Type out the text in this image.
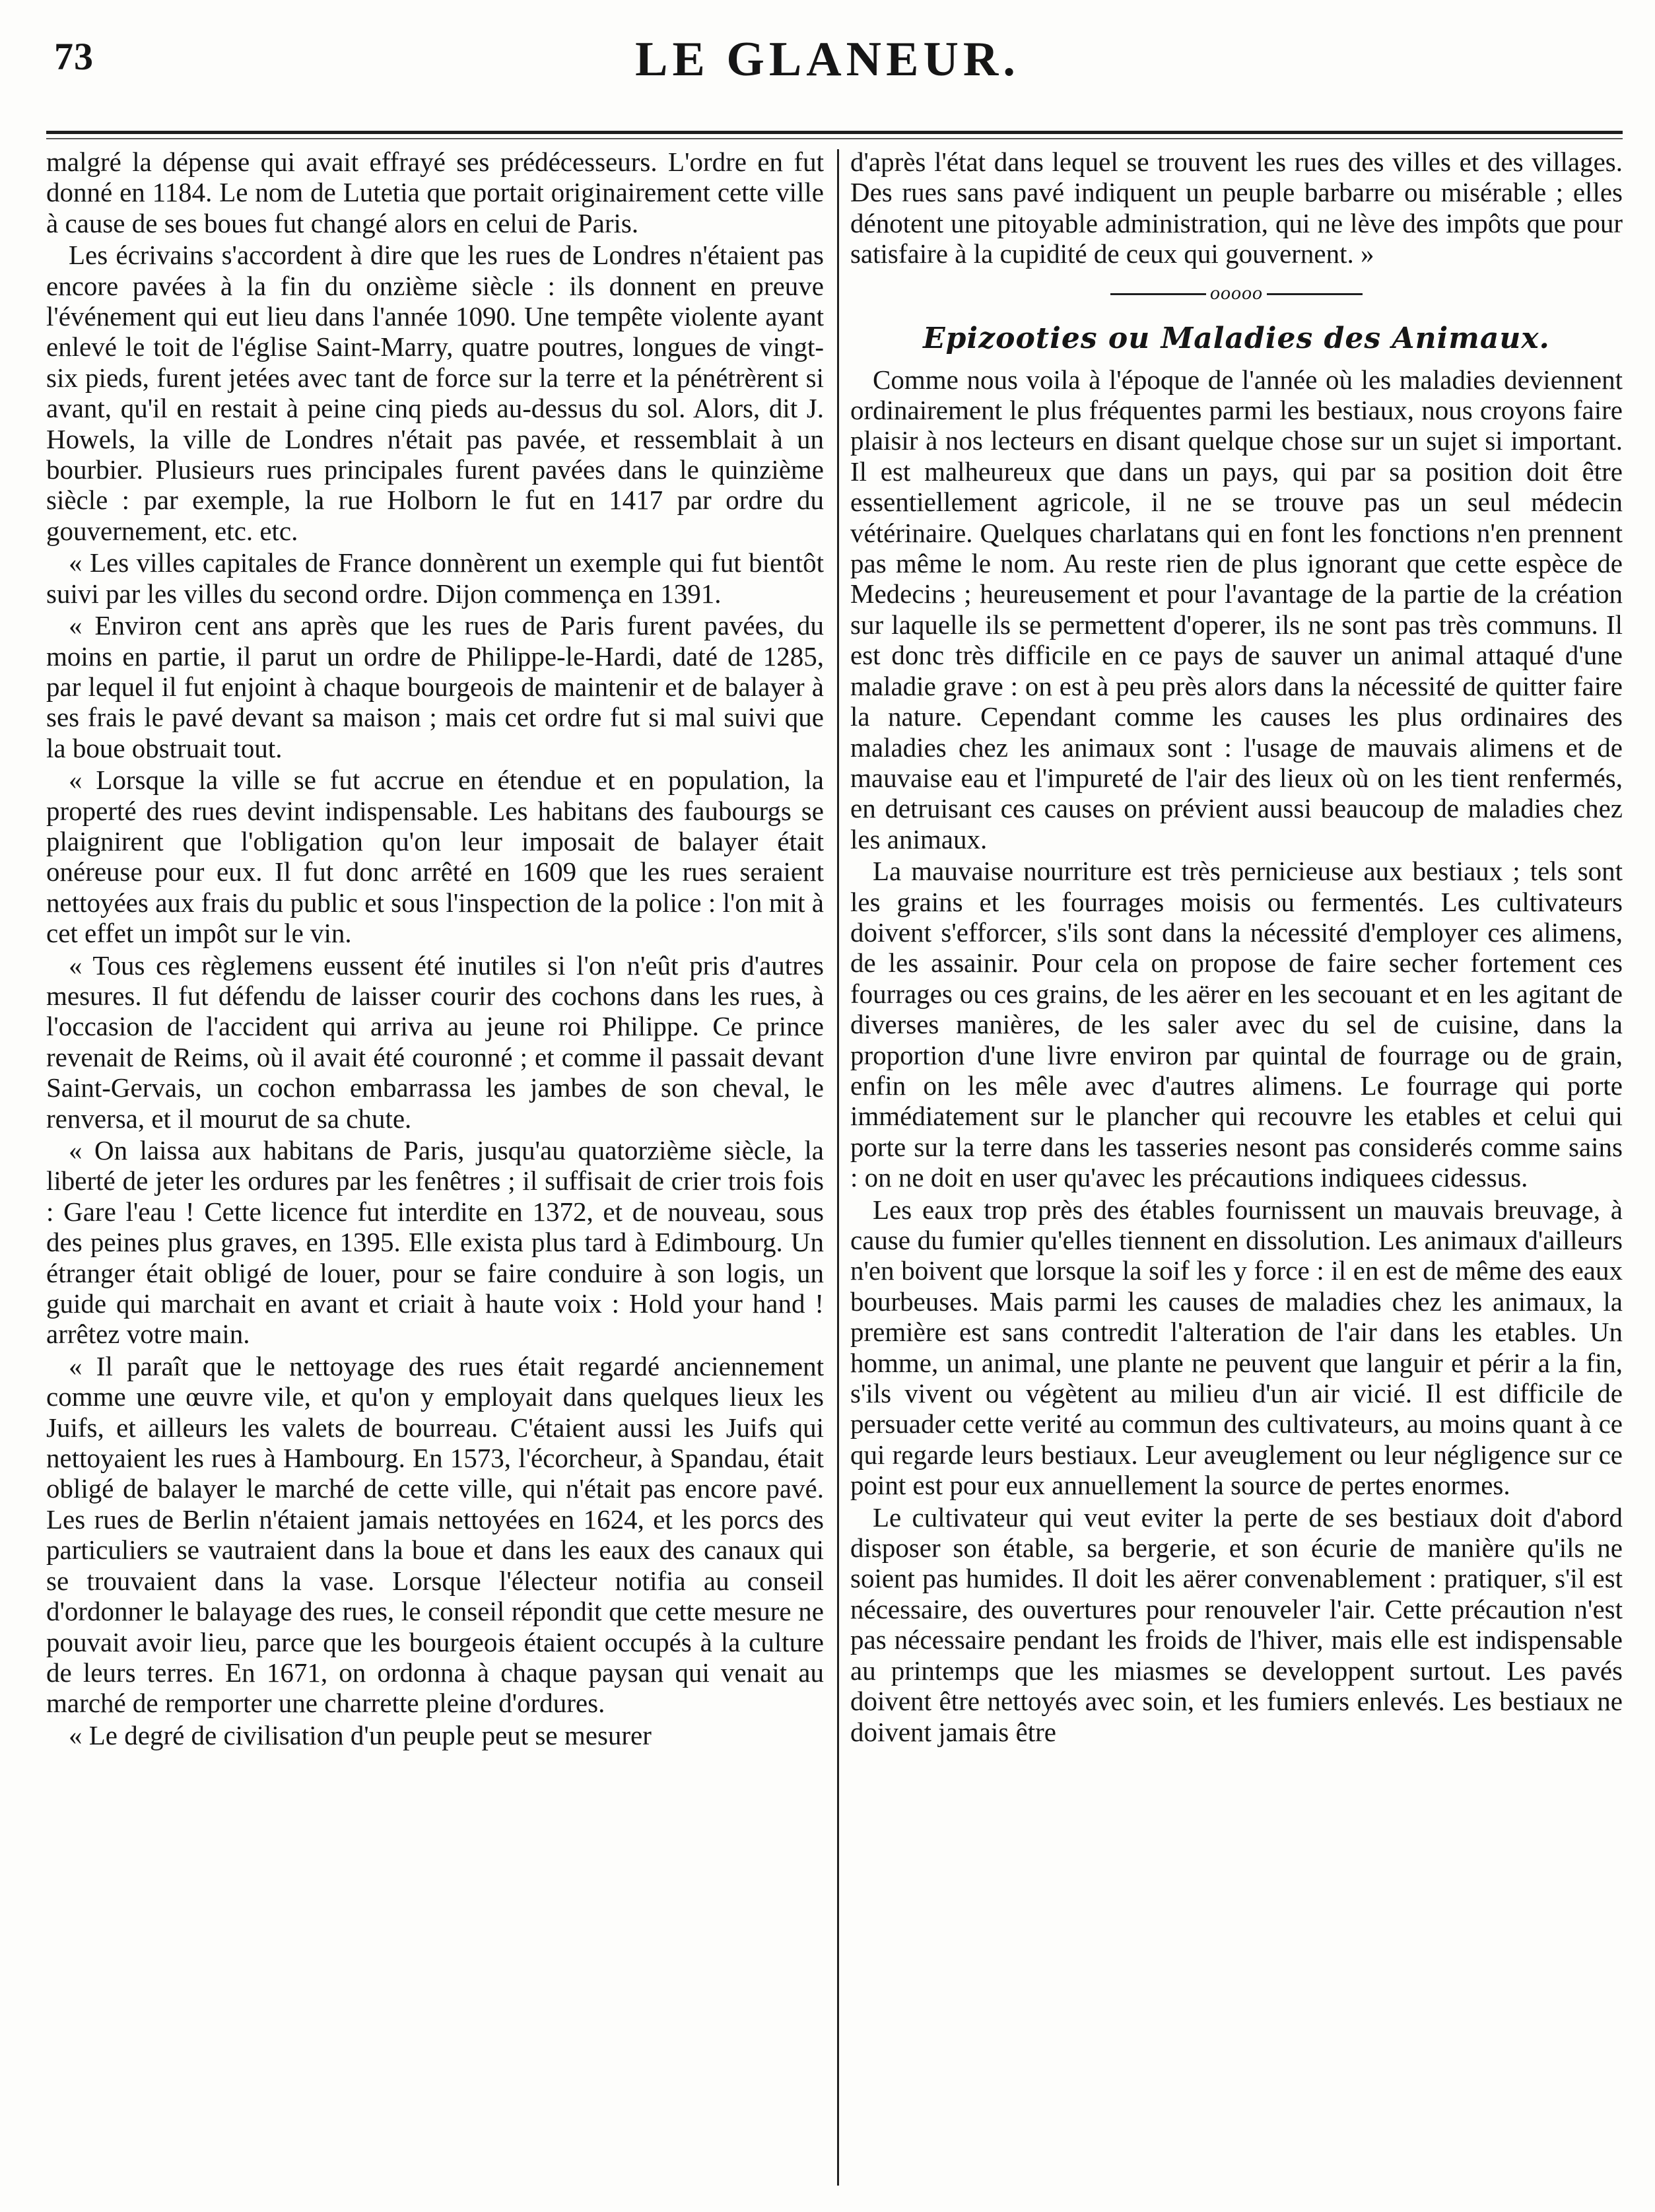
73	LE GLANEUR.

malgré la dépense qui avait effrayé ses prédécesseurs. L'ordre en fut donné en 1184. Le nom de Lutetia que portait originairement cette ville à cause de ses boues fut changé alors en celui de Paris.

Les écrivains s'accordent à dire que les rues de Londres n'étaient pas encore pavées à la fin du onzième siècle : ils donnent en preuve l'événement qui eut lieu dans l'année 1090. Une tempête violente ayant enlevé le toit de l'église Saint-Marry, quatre poutres, longues de vingt-six pieds, furent jetées avec tant de force sur la terre et la pénétrèrent si avant, qu'il en restait à peine cinq pieds au-dessus du sol. Alors, dit J. Howels, la ville de Londres n'était pas pavée, et ressemblait à un bourbier. Plusieurs rues principales furent pavées dans le quinzième siècle : par exemple, la rue Holborn le fut en 1417 par ordre du gouvernement, etc. etc.

« Les villes capitales de France donnèrent un exemple qui fut bientôt suivi par les villes du second ordre. Dijon commença en 1391.

« Environ cent ans après que les rues de Paris furent pavées, du moins en partie, il parut un ordre de Philippe-le-Hardi, daté de 1285, par lequel il fut enjoint à chaque bourgeois de maintenir et de balayer à ses frais le pavé devant sa maison ; mais cet ordre fut si mal suivi que la boue obstruait tout.

« Lorsque la ville se fut accrue en étendue et en population, la properté des rues devint indispensable. Les habitans des faubourgs se plaignirent que l'obligation qu'on leur imposait de balayer était onéreuse pour eux. Il fut donc arrêté en 1609 que les rues seraient nettoyées aux frais du public et sous l'inspection de la police : l'on mit à cet effet un impôt sur le vin.

« Tous ces règlemens eussent été inutiles si l'on n'eût pris d'autres mesures. Il fut défendu de laisser courir des cochons dans les rues, à l'occasion de l'accident qui arriva au jeune roi Philippe. Ce prince revenait de Reims, où il avait été couronné ; et comme il passait devant Saint-Gervais, un cochon embarrassa les jambes de son cheval, le renversa, et il mourut de sa chute.

« On laissa aux habitans de Paris, jusqu'au quatorzième siècle, la liberté de jeter les ordures par les fenêtres ; il suffisait de crier trois fois : Gare l'eau ! Cette licence fut interdite en 1372, et de nouveau, sous des peines plus graves, en 1395. Elle exista plus tard à Edimbourg. Un étranger était obligé de louer, pour se faire conduire à son logis, un guide qui marchait en avant et criait à haute voix : Hold your hand ! arrêtez votre main.

« Il paraît que le nettoyage des rues était regardé anciennement comme une œuvre vile, et qu'on y employait dans quelques lieux les Juifs, et ailleurs les valets de bourreau. C'étaient aussi les Juifs qui nettoyaient les rues à Hambourg. En 1573, l'écorcheur, à Spandau, était obligé de balayer le marché de cette ville, qui n'était pas encore pavé. Les rues de Berlin n'étaient jamais nettoyées en 1624, et les porcs des particuliers se vautraient dans la boue et dans les eaux des canaux qui se trouvaient dans la vase. Lorsque l'électeur notifia au conseil d'ordonner le balayage des rues, le conseil répondit que cette mesure ne pouvait avoir lieu, parce que les bourgeois étaient occupés à la culture de leurs terres. En 1671, on ordonna à chaque paysan qui venait au marché de remporter une charrette pleine d'ordures.

« Le degré de civilisation d'un peuple peut se mesurer

d'après l'état dans lequel se trouvent les rues des villes et des villages. Des rues sans pavé indiquent un peuple barbarre ou misérable ; elles dénotent une pitoyable administration, qui ne lève des impôts que pour satisfaire à la cupidité de ceux qui gouvernent. »

ooooo
Epizooties ou Maladies des Animaux.

Comme nous voila à l'époque de l'année où les maladies deviennent ordinairement le plus fréquentes parmi les bestiaux, nous croyons faire plaisir à nos lecteurs en disant quelque chose sur un sujet si important. Il est malheureux que dans un pays, qui par sa position doit être essentiellement agricole, il ne se trouve pas un seul médecin vétérinaire. Quelques charlatans qui en font les fonctions n'en prennent pas même le nom. Au reste rien de plus ignorant que cette espèce de Medecins ; heureusement et pour l'avantage de la partie de la création sur laquelle ils se permettent d'operer, ils ne sont pas très communs. Il est donc très difficile en ce pays de sauver un animal attaqué d'une maladie grave : on est à peu près alors dans la nécessité de quitter faire la nature. Cependant comme les causes les plus ordinaires des maladies chez les animaux sont : l'usage de mauvais alimens et de mauvaise eau et l'impureté de l'air des lieux où on les tient renfermés, en detruisant ces causes on prévient aussi beaucoup de maladies chez les animaux.

La mauvaise nourriture est très pernicieuse aux bestiaux ; tels sont les grains et les fourrages moisis ou fermentés. Les cultivateurs doivent s'efforcer, s'ils sont dans la nécessité d'employer ces alimens, de les assainir. Pour cela on propose de faire secher fortement ces fourrages ou ces grains, de les aërer en les secouant et en les agitant de diverses manières, de les saler avec du sel de cuisine, dans la proportion d'une livre environ par quintal de fourrage ou de grain, enfin on les mêle avec d'autres alimens. Le fourrage qui porte immédiatement sur le plancher qui recouvre les etables et celui qui porte sur la terre dans les tasseries nesont pas considerés comme sains : on ne doit en user qu'avec les précautions indiquees cidessus.

Les eaux trop près des étables fournissent un mauvais breuvage, à cause du fumier qu'elles tiennent en dissolution. Les animaux d'ailleurs n'en boivent que lorsque la soif les y force : il en est de même des eaux bourbeuses. Mais parmi les causes de maladies chez les animaux, la première est sans contredit l'alteration de l'air dans les etables. Un homme, un animal, une plante ne peuvent que languir et périr a la fin, s'ils vivent ou végètent au milieu d'un air vicié. Il est difficile de persuader cette verité au commun des cultivateurs, au moins quant à ce qui regarde leurs bestiaux. Leur aveuglement ou leur négligence sur ce point est pour eux annuellement la source de pertes enormes.

Le cultivateur qui veut eviter la perte de ses bestiaux doit d'abord disposer son étable, sa bergerie, et son écurie de manière qu'ils ne soient pas humides. Il doit les aërer convenablement : pratiquer, s'il est nécessaire, des ouvertures pour renouveler l'air. Cette précaution n'est pas nécessaire pendant les froids de l'hiver, mais elle est indispensable au printemps que les miasmes se developpent surtout. Les pavés doivent être nettoyés avec soin, et les fumiers enlevés. Les bestiaux ne doivent jamais être
